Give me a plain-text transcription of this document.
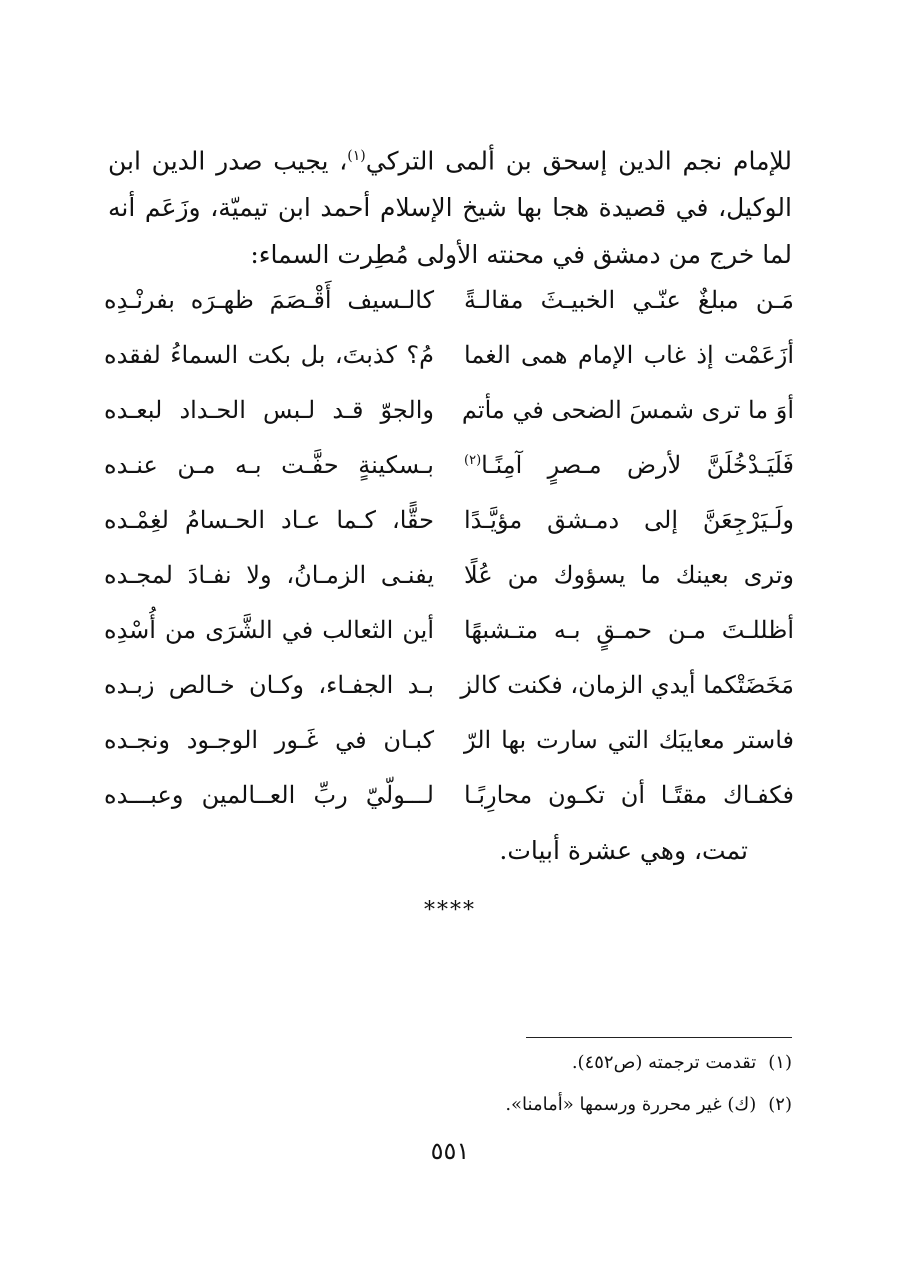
للإمام نجم الدين إسحق بن ألمى التركي$^{(١)}$، يجيب صدر الدين ابن الوكيل، في قصيدة هجا بها شيخ الإسلام أحمد ابن تيميّة، وزَعَم أنه لما خرج من دمشق في محنته الأولى مُطِرت السماء:

مَـن مبلغٌ عنّـي الخبيـثَ مقالـةً
كالـسيف أَقْـصَمَ ظهـرَه بفرنْـدِه
أزَعَمْت إذ غاب الإمام همى الغما
مُ؟ كذبتَ، بل بكت السماءُ لفقده
أوَ ما ترى شمسَ الضحى في مأتم
والجوّ قـد لـبس الحـداد لبعـده
فَلَيَـدْخُلَنَّ لأرض مـصرٍ آمِنًـا$^{(٢)}$
بـسكينةٍ حفَّـت بـه مـن عنـده
ولَـيَرْجِعَنَّ إلى دمـشق مؤيَّـدًا
حقًّا، كـما عـاد الحـسامُ لغِمْـده
وترى بعينك ما يسؤوك من عُلًا
يفنـى الزمـانُ، ولا نفـادَ لمجـده
أظللـتَ مـن حمـقٍ بـه متـشبهًا
أين الثعالب في الشَّرَى من أُسْدِه
مَخَضَتْكما أيدي الزمان، فكنت كالز
بـد الجفـاء، وكـان خـالص زبـده
فاستر معايبَك التي سارت بها الرّ
كبـان في غَـور الوجـود ونجـده
فكفـاك مقتًـا أن تكـون محارِبًـا
لـــولّيّ ربِّ العــالمين وعبـــده
تمت، وهي عشرة أبيات.
****
(١)تقدمت ترجمته (ص٤٥٢).
(٢)(ك) غير محررة ورسمها «أمامنا».
٥٥١
